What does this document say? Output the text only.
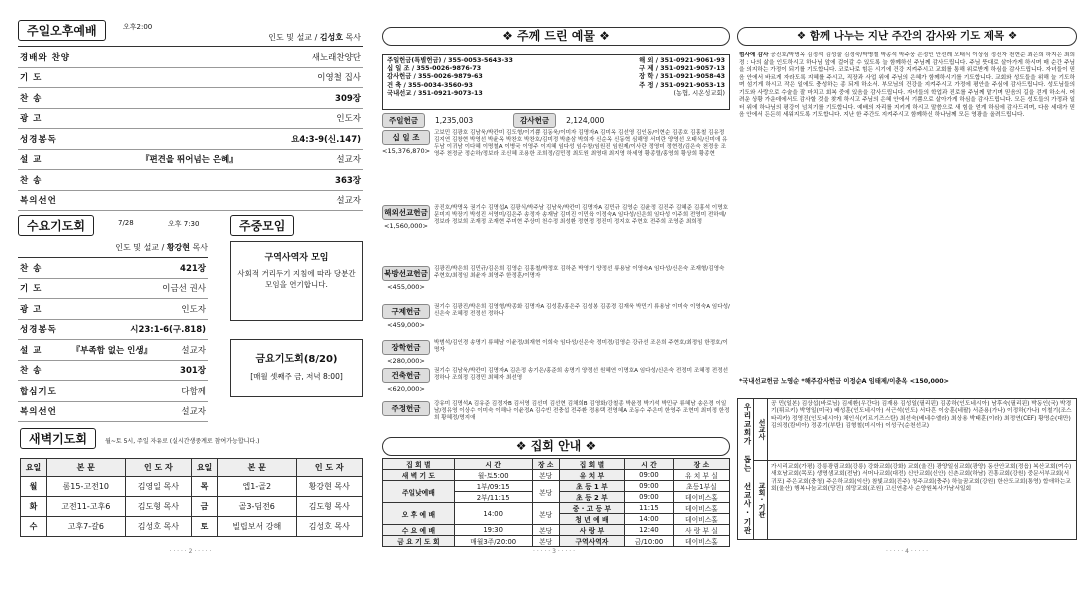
주일오후예배	오후2:00
인도 및 설교 / 김성호 목사
경배와 찬양	새노래찬양단
기 도	이영철 집사
찬 송	309장
광 고	인도자
성경봉독	요4:3-9(신.147)
설 교	『편견을 뛰어넘는 은혜』	설교자
찬 송	363장
복의선언	설교자
수요기도회	7/28	오후 7:30
인도 및 설교 / 황강현 목사
찬 송	421장
기 도	이금선 권사
광 고	인도자
성경봉독	시23:1-6(구.818)
설 교	『부족함 없는 인생』	설교자
찬 송	301장
합심기도	다함께
복의선언	설교자
주중모임
구역사역자 모임
사회적 거리두기 지침에 따라 당분간 모임을 연기합니다.
금요기도회(8/20)
[매월 셋째주 금, 저녁 8:00]
새벽기도회	월~토 5시, 주일 자유로 (실시간생중계로 참여가능합니다.)
요일	본 문	인 도 자	요일	본 문	인 도 자
월	롬15-고전10	김영일 목사	목	엡1-골2	황강현 목사
화	고전11-고후6	김도형 목사	금	골3-딤전6	김도형 목사
수	고후7-갈6	김성호 목사	토	빌립보서 강해	김성호 목사
· · · · · 2 · · · · ·
❖ 주께 드린 예물 ❖
주일헌금(특별헌금) / 355-0053-5643-33
십 일 조 / 355-0026-9876-73
감사헌금 / 355-0026-9879-63
건 축 / 355-0034-3560-93
국내선교 / 351-0921-9073-13
해 외 / 351-0921-9061-93
구 제 / 351-0921-9057-13
장 학 / 351-0921-9058-43
주 정 / 351-0921-9053-13
(농협, 시온성교회)
주일헌금	1,235,003	감사헌금	2,124,000
십 일 조
<15,376,870>
고보민 김광호 김남욱/박칸미 김도형/이기쁨 김동욱/이미자 김명자A 김미옥 김선영 김인동/이현순 김종호 김홍철 김유정 김지연 김창현 박영선 박윤옥 박찬호 박찬호/김미정 박춘삼 박희자 신순옥 신동혁 심해영 서미란 양영선 오태식/신미애 유두남 이귀남 이다혜 이명철A 이병국 이영주 이지혜 임다성 임수창/임원진 임원제/이사란 정영미 정현정/김은숙 천정웅 조영주 천정균 정순하/정보라 조신혜 조용한 조희정/김민정 최도원 최영대 최지영 하세영 황종렬/홍영희 황상희 황종현
해외선교헌금
<1,560,000>
공진호/박명옥 권기수 김명섭A 김광식/박주남 김남욱/박칸미 김명자A 김민규 김영순 김윤정 김진주 김혜준 김홍석 이명호 문미지 박장기 박성진 서영미/김은주 송정자 송재남 김미진 이민육 이정숙A 임다성/신은희 임다성 이주희 전영미 전하예/정보라 정보희 조재정 조재현 주미현 주상미 천수정 최성환 정현정 정진미 정지호 주현호 전주희 조영준 최희정
북방선교헌금
<455,000>
김광진/박은희 김민규/김은희 김영순 김홍철/박정호 김하준 박영기 양정선 류용남 이영숙A 임다성/신은숙 조재형/김영숙 주현호/최정임 최윤자 최영주 한정훈/이명자
구제헌금
<459,000>
권기수 김광진/박은희 김영형/박종화 김명자A 김성훈/홍은주 김성봉 김종경 김재욱 박민기 류용남 이미숙 이영숙A 임다성/신은숙 조혜정 전정선 정하나
장학헌금
<280,000>
박범석/김인경 송명기 류혜남 이윤정/최재현 이희숙 임다성/신은숙 정미경/김영순 강규선 조은희 주현호/최정임 한정호/이명자
건축헌금
<620,000>
권기수 김남욱/박칸미 김명자A 김은정 송기은/홍준희 송명기 양정선 원혜연 이명호A 임다성/신은숙 전정미 조혜정 전정선 정하나 조희정 김경민 최혜자 최선영
주정헌금	강유미 김명석A 김유준 김정자B 김서영 김선미 김선현 김채희B 김영화/강철종 박윤정 박기석 박민규 류혜남 송은경 이일남/정유영 이상수 이미숙 이해나 이윤정A 김수빈 전충섭 전주환 정용택 전영혜A 조동수 주은미 한영주 조현미 최미정 한정희 황혜정/명지애
❖ 집회 안내 ❖
집 회 별	시 간	장 소	집 회 별	시 간	장 소
새 벽 기 도	월-토5:00	본당	유 치 부	09:00	유 치 부 실
주일낮예배	1부/09:15	본당	초 등 1 부	09:00	초등1부실
	2부/11:15		초 등 2 부	09:00	데이비스홀
오 후 예 배	14:00	본당	중 · 고 등 부	11:15	데이비스홀
			청 년 예 배	14:00	데이비스홀
수 요 예 배	19:30	본당	사 랑 부	12:40	사 랑 부 실
금 요 기 도 회	매월3주/20:00	본당	구역사역자	금/10:00	데이비스홀
· · · · · 3 · · · · ·
❖ 함께 나누는 지난 주간의 감사와 기도 제목 ❖
범사에 감사 공진호/박명옥 김정석 김성술 김정숙/박병철 박종석 박주웅 손정인 안선례 오태식 이상심 정진자 천현순 최은희 하지은 최희정 : 나의 삶을 인도하시고 하나님 앞에 걸어갈 수 있도록 늘 함께하신 주님께 감사드립니다. 주님 뜻대로 살아가게 하시며 매 순간 주님을 의지하는 가정이 되기를 기도합니다. 코로나로 힘든 시기에 건강 지켜주시고 교회를 통해 위로받게 하심을 감사드립니다. 자녀들이 믿음 안에서 바르게 자라도록 지혜를 주시고, 직장과 사업 위에 주님의 은혜가 함께하시기를 기도합니다. 교회와 성도들을 위해 늘 기도하며 섬기게 하시고 작은 일에도 충성하는 종 되게 하소서. 부모님의 건강을 지켜주시고 가정에 평안을 주심에 감사드립니다. 성도님들의 기도와 사랑으로 수술을 잘 마치고 회복 중에 있음을 감사드립니다. 자녀들의 학업과 진로를 주님께 맡기며 믿음의 길을 걷게 하소서. 어려운 상황 가운데에서도 감사할 것을 찾게 하시고 주님의 은혜 안에서 기쁨으로 살아가게 하심을 감사드립니다. 모든 성도들의 가정과 일터 위에 하나님의 평강이 넘치기를 기도합니다. 예배의 자리를 지키게 하시고 말씀으로 새 힘을 얻게 하심에 감사드리며, 다음 세대가 믿음 안에서 든든히 세워지도록 기도합니다. 지난 한 주간도 지켜주시고 함께하신 하나님께 모든 영광을 올려드립니다.
*국내선교헌금 노영순 *해주감사헌금 이정순A 임태제/이춘옥 <150,000>
우리교회가 돕는 선교사·기관 선교사
공 민(일본) 김상섭(바로님) 김세환(우간다) 김재용 김성일(필리핀) 김종하(인도네시아) 남후숙(필리핀) 박동인(국) 박경기(튀르키) 박영일(미국) 배성훈(인도네시아) 서근석(인도) 서다흔 이숭훈(네팔) 서준용(가나) 이정하(가나) 이철기(조스타리카) 정영진(인도네시아) 채인식(키르기즈스탄) 최선숙(베네수엘라) 최상용 박태훈(이라) 최정연(CEF) 황명순(대만) 김의정(캄비아) 정종기(부탄) 김형철(미시아) 이성구(순천선교)
교회·기관
가시리교회(가평) 강릉광림교회(강릉) 강화교회(강화) 교회(울진) 광양일심교회(광양) 동산안교회(정읍) 복산교회(여수) 새호남교회(목포) 생명샘교회(전남) 서머나교회(대전) 신안교회(신안) 신촌교회(하남) 진흥교회(강원) 중문서부교회(서귀포) 주은교회(충청) 주은하교회(익산) 참빛교회(진주) 청주교회(충주) 하늘꿈교회(강원) 한산도교회(통영) 합애하는교회(울산) 행복나눔교회(당진) 희망교회(조원) 고신연총사 순양원복사가남서일회
· · · · · 4 · · · · ·
